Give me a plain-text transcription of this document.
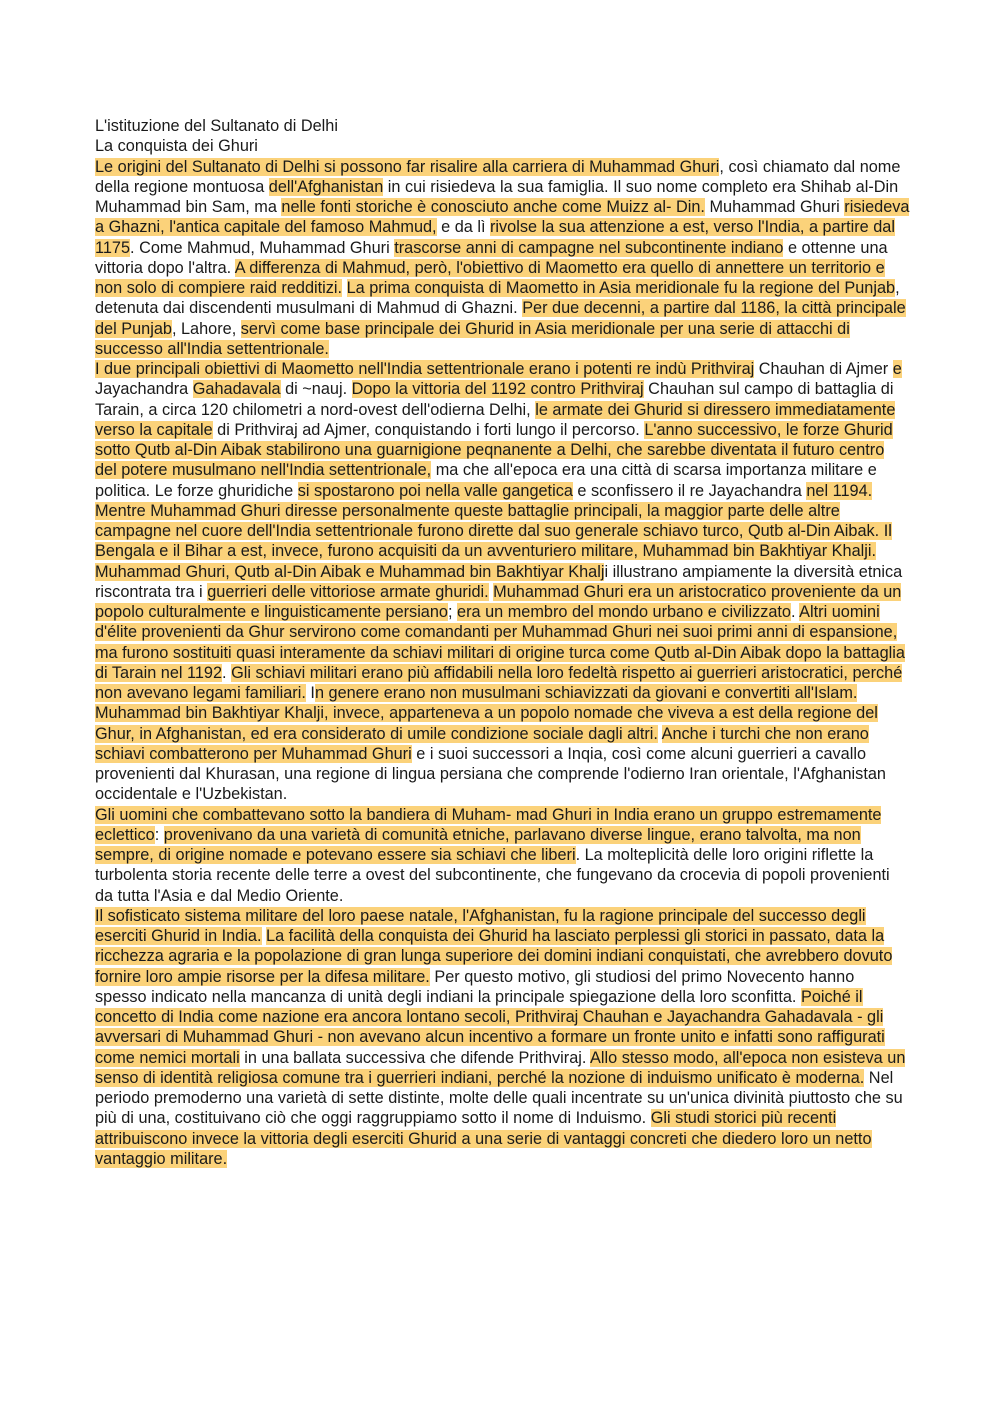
L'istituzione del Sultanato di Delhi

La conquista dei Ghuri

Le origini del Sultanato di Delhi si possono far risalire alla carriera di Muhammad Ghuri, così chiamato dal nome della regione montuosa dell'Afghanistan in cui risiedeva la sua famiglia. Il suo nome completo era Shihab al-Din Muhammad bin Sam, ma nelle fonti storiche è conosciuto anche come Muizz al- Din. Muhammad Ghuri risiedeva a Ghazni, l'antica capitale del famoso Mahmud, e da lì rivolse la sua attenzione a est, verso l'India, a partire dal 1175. Come Mahmud, Muhammad Ghuri trascorse anni di campagne nel subcontinente indiano e ottenne una vittoria dopo l'altra. A differenza di Mahmud, però, l'obiettivo di Maometto era quello di annettere un territorio e non solo di compiere raid redditizi. La prima conquista di Maometto in Asia meridionale fu la regione del Punjab, detenuta dai discendenti musulmani di Mahmud di Ghazni. Per due decenni, a partire dal 1186, la città principale del Punjab, Lahore, servì come base principale dei Ghurid in Asia meridionale per una serie di attacchi di successo all'India settentrionale.

I due principali obiettivi di Maometto nell'India settentrionale erano i potenti re indù Prithviraj Chauhan di Ajmer e Jayachandra Gahadavala di ~nauj. Dopo la vittoria del 1192 contro Prithviraj Chauhan sul campo di battaglia di Tarain, a circa 120 chilometri a nord-ovest dell'odierna Delhi, le armate dei Ghurid si diressero immediatamente verso la capitale di Prithviraj ad Ajmer, conquistando i forti lungo il percorso. L'anno successivo, le forze Ghurid sotto Qutb al-Din Aibak stabilirono una guarnigione peqnanente a Delhi, che sarebbe diventata il futuro centro del potere musulmano nell'India settentrionale, ma che all'epoca era una città di scarsa importanza militare e politica. Le forze ghuridiche si spostarono poi nella valle gangetica e sconfissero il re Jayachandra nel 1194. Mentre Muhammad Ghuri diresse personalmente queste battaglie principali, la maggior parte delle altre campagne nel cuore dell'India settentrionale furono dirette dal suo generale schiavo turco, Qutb al-Din Aibak. Il Bengala e il Bihar a est, invece, furono acquisiti da un avventuriero militare, Muhammad bin Bakhtiyar Khalji.

Muhammad Ghuri, Qutb al-Din Aibak e Muhammad bin Bakhtiyar Khalji illustrano ampiamente la diversità etnica riscontrata tra i guerrieri delle vittoriose armate ghuridi. Muhammad Ghuri era un aristocratico proveniente da un popolo culturalmente e linguisticamente persiano; era un membro del mondo urbano e civilizzato. Altri uomini d'élite provenienti da Ghur servirono come comandanti per Muhammad Ghuri nei suoi primi anni di espansione, ma furono sostituiti quasi interamente da schiavi militari di origine turca come Qutb al-Din Aibak dopo la battaglia di Tarain nel 1192. Gli schiavi militari erano più affidabili nella loro fedeltà rispetto ai guerrieri aristocratici, perché non avevano legami familiari. In genere erano non musulmani schiavizzati da giovani e convertiti all'Islam. Muhammad bin Bakhtiyar Khalji, invece, apparteneva a un popolo nomade che viveva a est della regione del Ghur, in Afghanistan, ed era considerato di umile condizione sociale dagli altri. Anche i turchi che non erano schiavi combatterono per Muhammad Ghuri e i suoi successori a Inqia, così come alcuni guerrieri a cavallo provenienti dal Khurasan, una regione di lingua persiana che comprende l'odierno Iran orientale, l'Afghanistan occidentale e l'Uzbekistan.

Gli uomini che combattevano sotto la bandiera di Muham- mad Ghuri in India erano un gruppo estremamente eclettico: provenivano da una varietà di comunità etniche, parlavano diverse lingue, erano talvolta, ma non sempre, di origine nomade e potevano essere sia schiavi che liberi. La molteplicità delle loro origini riflette la turbolenta storia recente delle terre a ovest del subcontinente, che fungevano da crocevia di popoli provenienti da tutta l'Asia e dal Medio Oriente.

Il sofisticato sistema militare del loro paese natale, l'Afghanistan, fu la ragione principale del successo degli eserciti Ghurid in India. La facilità della conquista dei Ghurid ha lasciato perplessi gli storici in passato, data la ricchezza agraria e la popolazione di gran lunga superiore dei domini indiani conquistati, che avrebbero dovuto fornire loro ampie risorse per la difesa militare. Per questo motivo, gli studiosi del primo Novecento hanno spesso indicato nella mancanza di unità degli indiani la principale spiegazione della loro sconfitta. Poiché il concetto di India come nazione era ancora lontano secoli, Prithviraj Chauhan e Jayachandra Gahadavala - gli avversari di Muhammad Ghuri - non avevano alcun incentivo a formare un fronte unito e infatti sono raffigurati come nemici mortali in una ballata successiva che difende Prithviraj. Allo stesso modo, all'epoca non esisteva un senso di identità religiosa comune tra i guerrieri indiani, perché la nozione di induismo unificato è moderna. Nel periodo premoderno una varietà di sette distinte, molte delle quali incentrate su un'unica divinità piuttosto che su più di una, costituivano ciò che oggi raggruppiamo sotto il nome di Induismo. Gli studi storici più recenti attribuiscono invece la vittoria degli eserciti Ghurid a una serie di vantaggi concreti che diedero loro un netto vantaggio militare.
